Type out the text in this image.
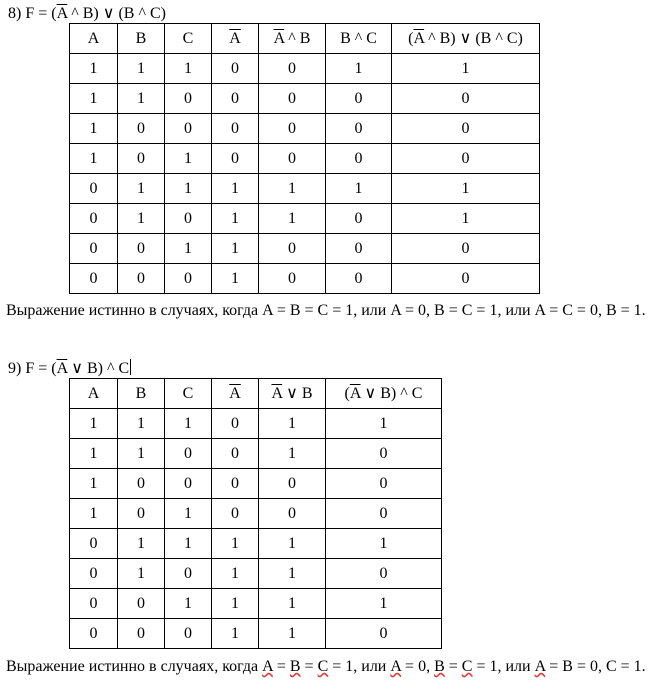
8) $F = (\overline{A}$ ^ B) ∨ (B ^ C)
A	B	C	$\overline{A}$	$\overline{A}$ ^ B	B ^ C	($\overline{A}$ ^ B) ∨ (B ^ C)
1	1	1	0	0	1	1
1	1	0	0	0	0	0
1	0	0	0	0	0	0
1	0	1	0	0	0	0
0	1	1	1	1	1	1
0	1	0	1	1	0	1
0	0	1	1	0	0	0
0	0	0	1	0	0	0
Выражение истинно в случаях, когда A = B = C = 1, или A = 0, B = C = 1, или A = C = 0, B = 1.
9) $F = (\overline{A}$ ∨ B) ^ C
A	B	C	$\overline{A}$	$\overline{A}$ ∨ B	($\overline{A}$ ∨ B) ^ C
1	1	1	0	1	1
1	1	0	0	1	0
1	0	0	0	0	0
1	0	1	0	0	0
0	1	1	1	1	1
0	1	0	1	1	0
0	0	1	1	1	1
0	0	0	1	1	0
Выражение истинно в случаях, когда A = B = C = 1, или A = 0, B = C = 1, или A = B = 0, C = 1.
